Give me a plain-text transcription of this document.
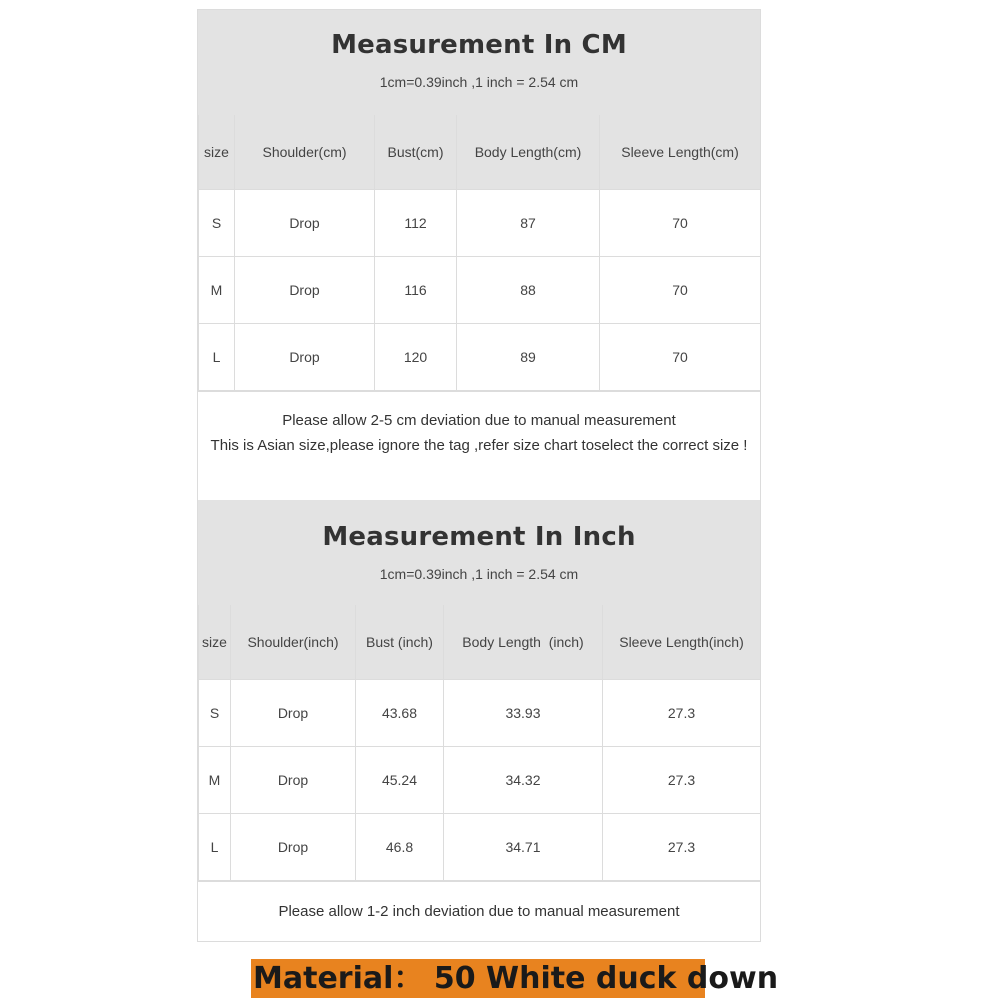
Measurement In CM
1cm=0.39inch ,1 inch = 2.54 cm
size	Shoulder(cm)	Bust(cm)	Body Length(cm)	Sleeve Length(cm)
S	Drop	112	87	70
M	Drop	116	88	70
L	Drop	120	89	70
Please allow 2-5 cm deviation due to manual measurement
This is Asian size,please ignore the tag ,refer size chart toselect the correct size !
Measurement In Inch
1cm=0.39inch ,1 inch = 2.54 cm
size	Shoulder(inch)	Bust (inch)	Body Length  (inch)	Sleeve Length(inch)
S	Drop	43.68	33.93	27.3
M	Drop	45.24	34.32	27.3
L	Drop	46.8	34.71	27.3
Please allow 1-2 inch deviation due to manual measurement
Material： 50 White duck down
